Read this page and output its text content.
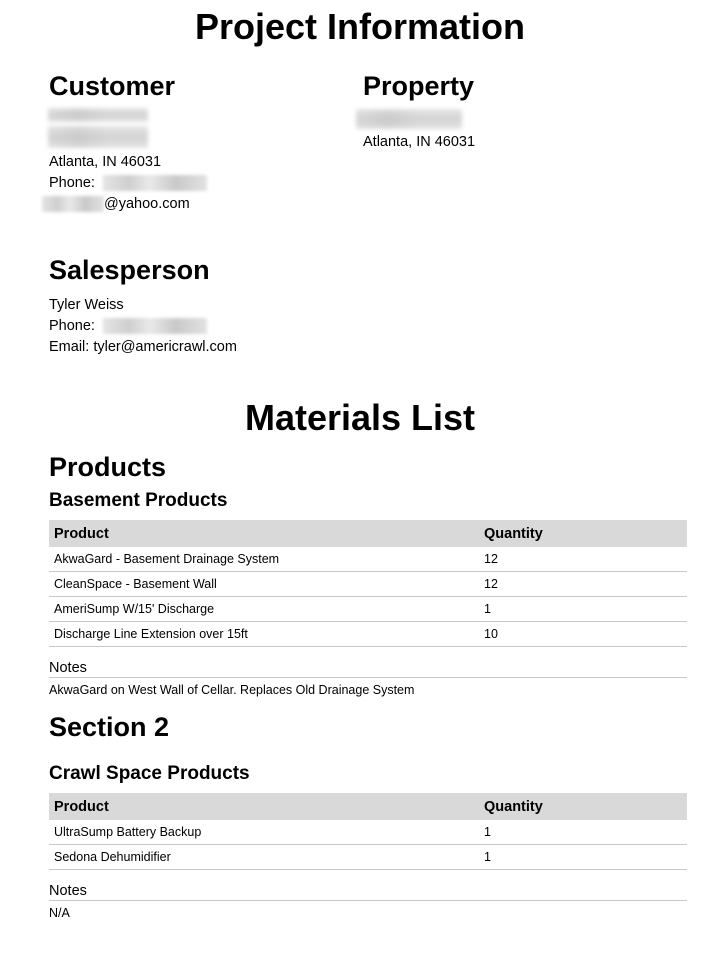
Project Information
Customer
Atlanta, IN 46031
Phone:
@yahoo.com
Property
Atlanta, IN 46031
Salesperson
Tyler Weiss
Phone:
Email: tyler@americrawl.com
Materials List
Products
Basement Products
Product	Quantity
AkwaGard - Basement Drainage System	12
CleanSpace - Basement Wall	12
AmeriSump W/15' Discharge	1
Discharge Line Extension over 15ft	10
Notes
AkwaGard on West Wall of Cellar. Replaces Old Drainage System
Section 2
Crawl Space Products
Product	Quantity
UltraSump Battery Backup	1
Sedona Dehumidifier	1
Notes
N/A
